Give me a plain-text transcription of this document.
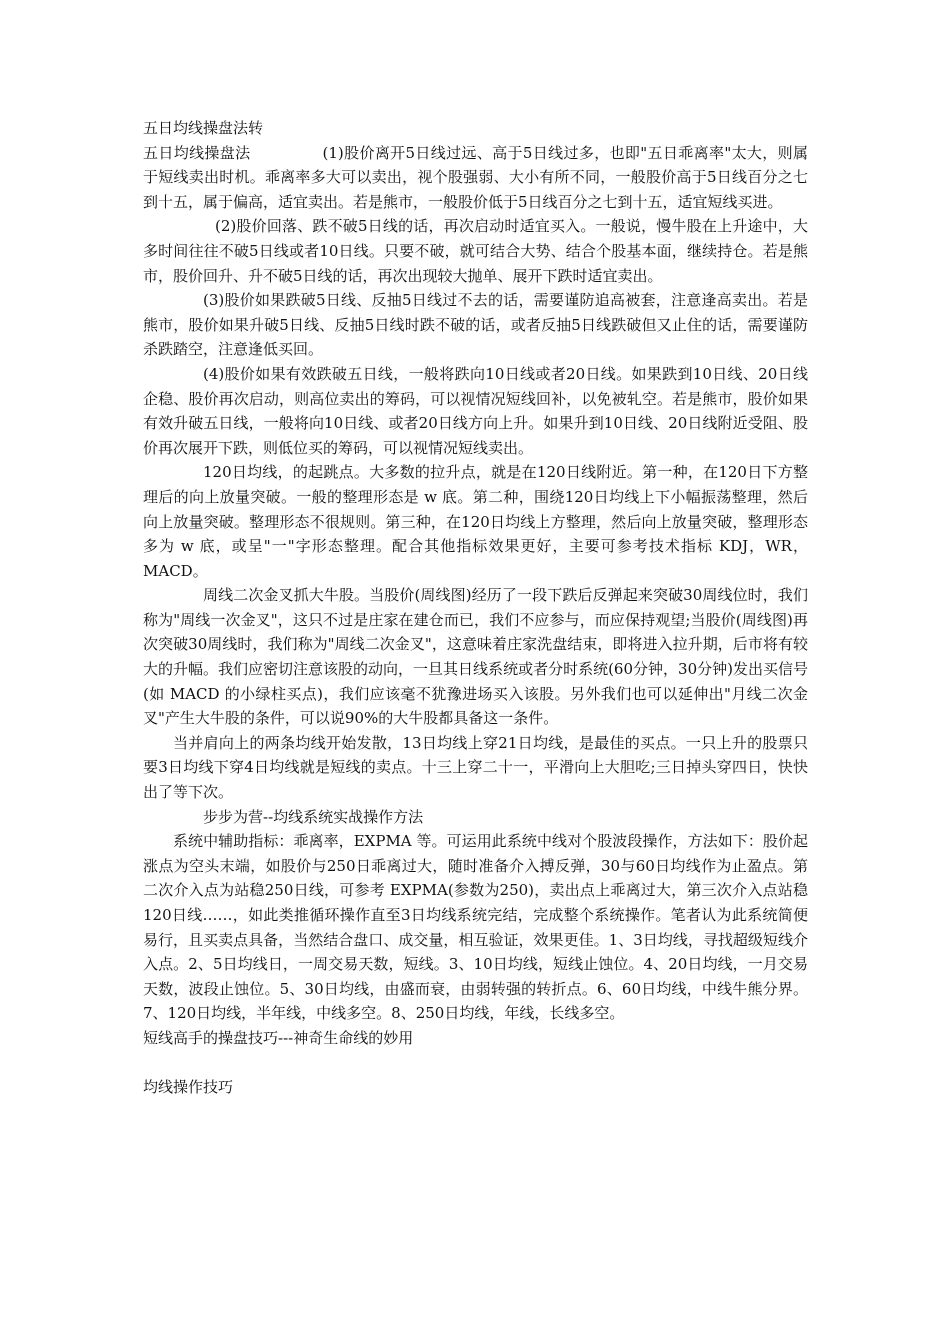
五日均线操盘法转

五日均线操盘法	(1)股价离开5日线过远、高于5日线过多，也即"五日乖离率"太大，则属于短线卖出时机。乖离率多大可以卖出，视个股强弱、大小有所不同，一般股价高于5日线百分之七到十五，属于偏高，适宜卖出。若是熊市，一般股价低于5日线百分之七到十五，适宜短线买进。

(2)股价回落、跌不破5日线的话，再次启动时适宜买入。一般说，慢牛股在上升途中，大多时间往往不破5日线或者10日线。只要不破，就可结合大势、结合个股基本面，继续持仓。若是熊市，股价回升、升不破5日线的话，再次出现较大抛单、展开下跌时适宜卖出。

(3)股价如果跌破5日线、反抽5日线过不去的话，需要谨防追高被套，注意逢高卖出。若是熊市，股价如果升破5日线、反抽5日线时跌不破的话，或者反抽5日线跌破但又止住的话，需要谨防杀跌踏空，注意逢低买回。

(4)股价如果有效跌破五日线，一般将跌向10日线或者20日线。如果跌到10日线、20日线企稳、股价再次启动，则高位卖出的筹码，可以视情况短线回补，以免被轧空。若是熊市，股价如果有效升破五日线，一般将向10日线、或者20日线方向上升。如果升到10日线、20日线附近受阻、股价再次展开下跌，则低位买的筹码，可以视情况短线卖出。

120日均线，的起跳点。大多数的拉升点，就是在120日线附近。第一种，在120日下方整理后的向上放量突破。一般的整理形态是 w 底。第二种，围绕120日均线上下小幅振荡整理，然后向上放量突破。整理形态不很规则。第三种，在120日均线上方整理，然后向上放量突破，整理形态多为 w 底，或呈"一"字形态整理。配合其他指标效果更好，主要可参考技术指标 KDJ，WR，MACD。

周线二次金叉抓大牛股。当股价(周线图)经历了一段下跌后反弹起来突破30周线位时，我们称为"周线一次金叉"，这只不过是庄家在建仓而已，我们不应参与，而应保持观望;当股价(周线图)再次突破30周线时，我们称为"周线二次金叉"，这意味着庄家洗盘结束，即将进入拉升期，后市将有较大的升幅。我们应密切注意该股的动向，一旦其日线系统或者分时系统(60分钟，30分钟)发出买信号(如 MACD 的小绿柱买点)，我们应该毫不犹豫进场买入该股。另外我们也可以延伸出"月线二次金叉"产生大牛股的条件，可以说90%的大牛股都具备这一条件。

当并肩向上的两条均线开始发散，13日均线上穿21日均线，是最佳的买点。一只上升的股票只要3日均线下穿4日均线就是短线的卖点。十三上穿二十一，平滑向上大胆吃;三日掉头穿四日，快快出了等下次。

步步为营--均线系统实战操作方法

系统中辅助指标：乖离率，EXPMA 等。可运用此系统中线对个股波段操作，方法如下：股价起涨点为空头末端，如股价与250日乖离过大，随时准备介入搏反弹，30与60日均线作为止盈点。第二次介入点为站稳250日线，可参考 EXPMA(参数为250)，卖出点上乖离过大，第三次介入点站稳120日线……，如此类推循环操作直至3日均线系统完结，完成整个系统操作。笔者认为此系统简便易行，且买卖点具备，当然结合盘口、成交量，相互验证，效果更佳。1、3日均线，寻找超级短线介入点。2、5日均线日，一周交易天数，短线。3、10日均线，短线止蚀位。4、20日均线，一月交易天数，波段止蚀位。5、30日均线，由盛而衰，由弱转强的转折点。6、60日均线，中线牛熊分界。7、120日均线，半年线，中线多空。8、250日均线，年线，长线多空。

短线高手的操盘技巧---神奇生命线的妙用
均线操作技巧
